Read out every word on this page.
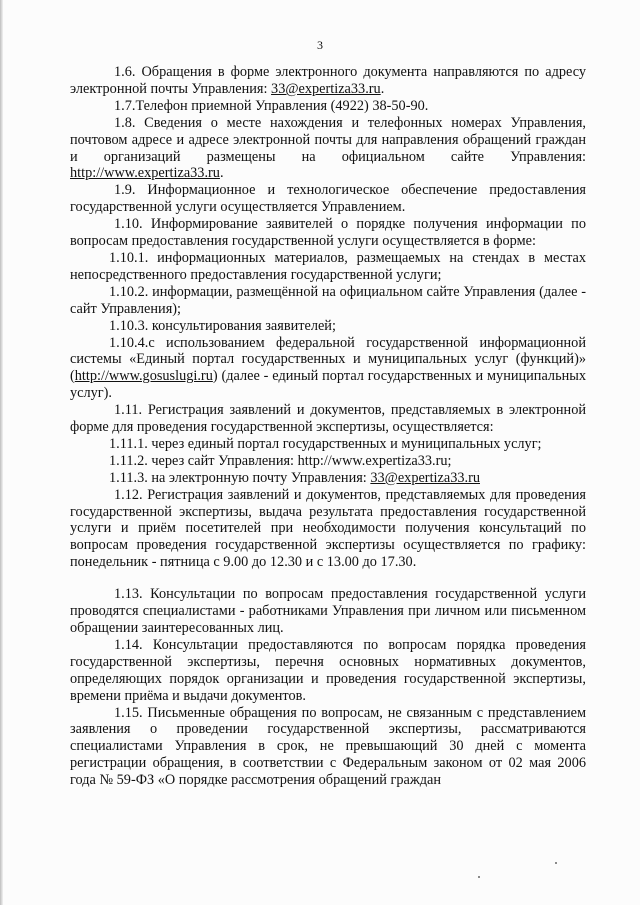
3

1.6. Обращения в форме электронного документа направляются по адресу электронной почты Управления: 33@expertiza33.ru.

1.7.Телефон приемной Управления (4922) 38-50-90.

1.8. Сведения о месте нахождения и телефонных номерах Управления, почтовом адресе и адресе электронной почты для направления обращений граждан и организаций размещены на официальном сайте Управления: http://www.expertiza33.ru.

1.9. Информационное и технологическое обеспечение предоставления государственной услуги осуществляется Управлением.

1.10. Информирование заявителей о порядке получения информации по вопросам предоставления государственной услуги осуществляется в форме:

1.10.1. информационных материалов, размещаемых на стендах в местах непосредственного предоставления государственной услуги;

1.10.2. информации, размещённой на официальном сайте Управления (далее - сайт Управления);

1.10.3. консультирования заявителей;

1.10.4.с использованием федеральной государственной информационной системы «Единый портал государственных и муниципальных услуг (функций)» (http://www.gosuslugi.ru) (далее - единый портал государственных и муниципальных услуг).

1.11. Регистрация заявлений и документов, представляемых в электронной форме для проведения государственной экспертизы, осуществляется:

1.11.1. через единый портал государственных и муниципальных услуг;

1.11.2. через сайт Управления: http://www.expertiza33.ru;

1.11.3. на электронную почту Управления: 33@expertiza33.ru

1.12. Регистрация заявлений и документов, представляемых для проведения государственной экспертизы, выдача результата предоставления государственной услуги и приём посетителей при необходимости получения консультаций по вопросам проведения государственной экспертизы осуществляется по графику: понедельник - пятница с 9.00 до 12.30 и с 13.00 до 17.30.

1.13. Консультации по вопросам предоставления государственной услуги проводятся специалистами - работниками Управления при личном или письменном обращении заинтересованных лиц.

1.14. Консультации предоставляются по вопросам порядка проведения государственной экспертизы, перечня основных нормативных документов, определяющих порядок организации и проведения государственной экспертизы, времени приёма и выдачи документов.

1.15. Письменные обращения по вопросам, не связанным с представлением заявления о проведении государственной экспертизы, рассматриваются специалистами Управления в срок, не превышающий 30 дней с момента регистрации обращения, в соответствии с Федеральным законом от 02 мая 2006 года № 59-ФЗ «О порядке рассмотрения обращений граждан
